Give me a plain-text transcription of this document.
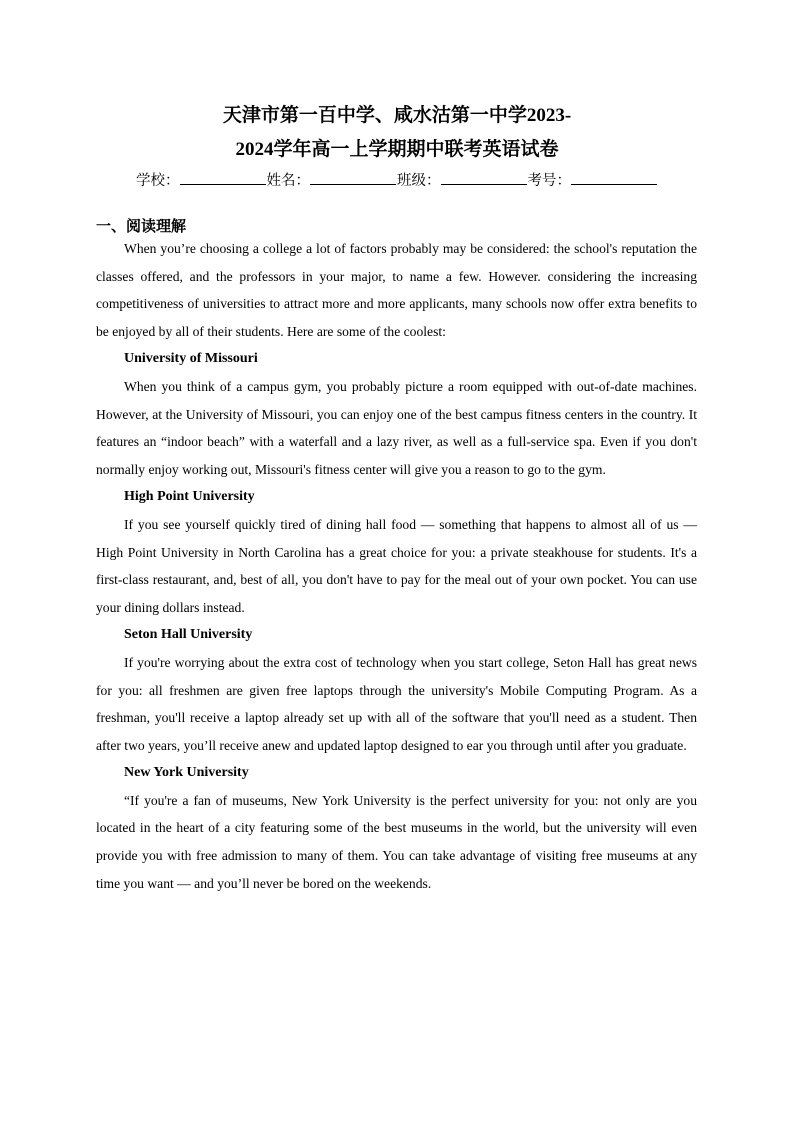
天津市第一百中学、咸水沽第一中学2023-
2024学年高一上学期期中联考英语试卷
学校：	姓名：	班级：	考号：
一、阅读理解

When you’re choosing a college a lot of factors probably may be considered: the school's reputation the classes offered, and the professors in your major, to name a few. However. considering the increasing competitiveness of universities to attract more and more applicants, many schools now offer extra benefits to be enjoyed by all of their students. Here are some of the coolest:

University of Missouri

When you think of a campus gym, you probably picture a room equipped with out-of-date machines. However, at the University of Missouri, you can enjoy one of the best campus fitness centers in the country. It features an “indoor beach” with a waterfall and a lazy river, as well as a full-service spa. Even if you don't normally enjoy working out, Missouri's fitness center will give you a reason to go to the gym.

High Point University

If you see yourself quickly tired of dining hall food — something that happens to almost all of us — High Point University in North Carolina has a great choice for you: a private steakhouse for students. It's a first-class restaurant, and, best of all, you don't have to pay for the meal out of your own pocket. You can use your dining dollars instead.

Seton Hall University

If you're worrying about the extra cost of technology when you start college, Seton Hall has great news for you: all freshmen are given free laptops through the university's Mobile Computing Program. As a freshman, you'll receive a laptop already set up with all of the software that you'll need as a student. Then after two years, you’ll receive anew and updated laptop designed to ear you through until after you graduate.

New York University

“If you're a fan of museums, New York University is the perfect university for you: not only are you located in the heart of a city featuring some of the best museums in the world, but the university will even provide you with free admission to many of them. You can take advantage of visiting free museums at any time you want — and you’ll never be bored on the weekends.
